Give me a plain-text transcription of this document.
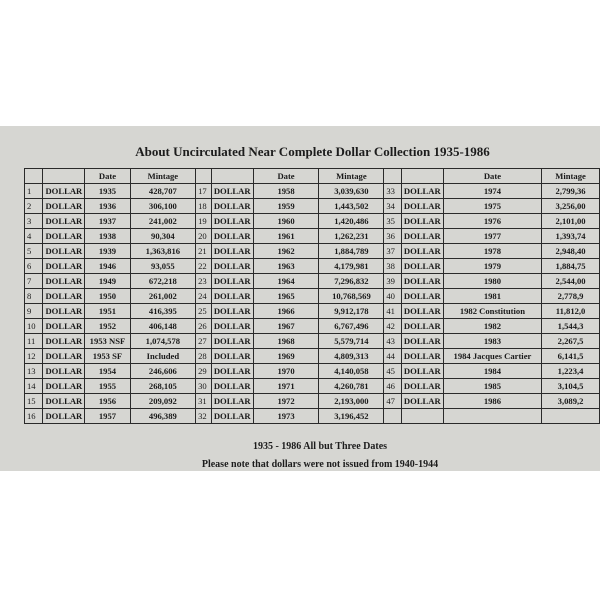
About Uncirculated Near Complete Dollar Collection 1935-1986
		Date	Mintage			Date	Mintage			Date	Mintage
1	DOLLAR	1935	428,707	17	DOLLAR	1958	3,039,630	33	DOLLAR	1974	2,799,36
2	DOLLAR	1936	306,100	18	DOLLAR	1959	1,443,502	34	DOLLAR	1975	3,256,00
3	DOLLAR	1937	241,002	19	DOLLAR	1960	1,420,486	35	DOLLAR	1976	2,101,00
4	DOLLAR	1938	90,304	20	DOLLAR	1961	1,262,231	36	DOLLAR	1977	1,393,74
5	DOLLAR	1939	1,363,816	21	DOLLAR	1962	1,884,789	37	DOLLAR	1978	2,948,40
6	DOLLAR	1946	93,055	22	DOLLAR	1963	4,179,981	38	DOLLAR	1979	1,884,75
7	DOLLAR	1949	672,218	23	DOLLAR	1964	7,296,832	39	DOLLAR	1980	2,544,00
8	DOLLAR	1950	261,002	24	DOLLAR	1965	10,768,569	40	DOLLAR	1981	2,778,9
9	DOLLAR	1951	416,395	25	DOLLAR	1966	9,912,178	41	DOLLAR	1982 Constitution	11,812,0
10	DOLLAR	1952	406,148	26	DOLLAR	1967	6,767,496	42	DOLLAR	1982	1,544,3
11	DOLLAR	1953 NSF	1,074,578	27	DOLLAR	1968	5,579,714	43	DOLLAR	1983	2,267,5
12	DOLLAR	1953 SF	Included	28	DOLLAR	1969	4,809,313	44	DOLLAR	1984 Jacques Cartier	6,141,5
13	DOLLAR	1954	246,606	29	DOLLAR	1970	4,140,058	45	DOLLAR	1984	1,223,4
14	DOLLAR	1955	268,105	30	DOLLAR	1971	4,260,781	46	DOLLAR	1985	3,104,5
15	DOLLAR	1956	209,092	31	DOLLAR	1972	2,193,000	47	DOLLAR	1986	3,089,2
16	DOLLAR	1957	496,389	32	DOLLAR	1973	3,196,452				
1935 - 1986 All but Three Dates
Please note that dollars were not issued from 1940-1944
